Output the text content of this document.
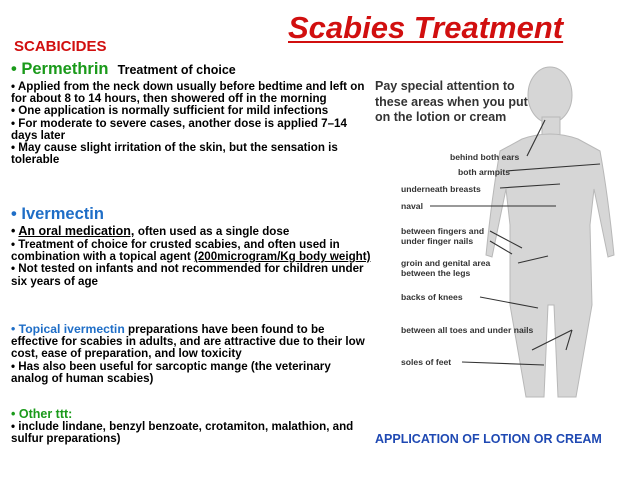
Scabies Treatment
SCABICIDES
• Permethrin Treatment of choice

• Applied from the neck down usually before bedtime and left on for about 8 to 14 hours, then showered off in the morning

• One application is normally sufficient for mild infections

• For moderate to severe cases, another dose is applied 7–14 days later

• May cause slight irritation of the skin, but the sensation is tolerable

• Ivermectin

• An oral medication, often used as a single dose

• Treatment of choice for crusted scabies, and often used in combination with a topical agent (200microgram/Kg body weight)

• Not tested on infants and not recommended for children under six years of age

• Topical ivermectin preparations have been found to be effective for scabies in adults, and are attractive due to their low cost, ease of preparation, and low toxicity

• Has also been useful for sarcoptic mange (the veterinary analog of human scabies)

• Other ttt:

• include lindane, benzyl benzoate, crotamiton, malathion, and sulfur preparations)

Pay special attention to these areas when you put on the lotion or cream
behind both ears
both armpits
underneath breasts
naval
between fingers and
under finger nails
groin and genital area
between the legs
backs of knees
between all toes and under nails
soles of feet
APPLICATION OF LOTION OR CREAM
